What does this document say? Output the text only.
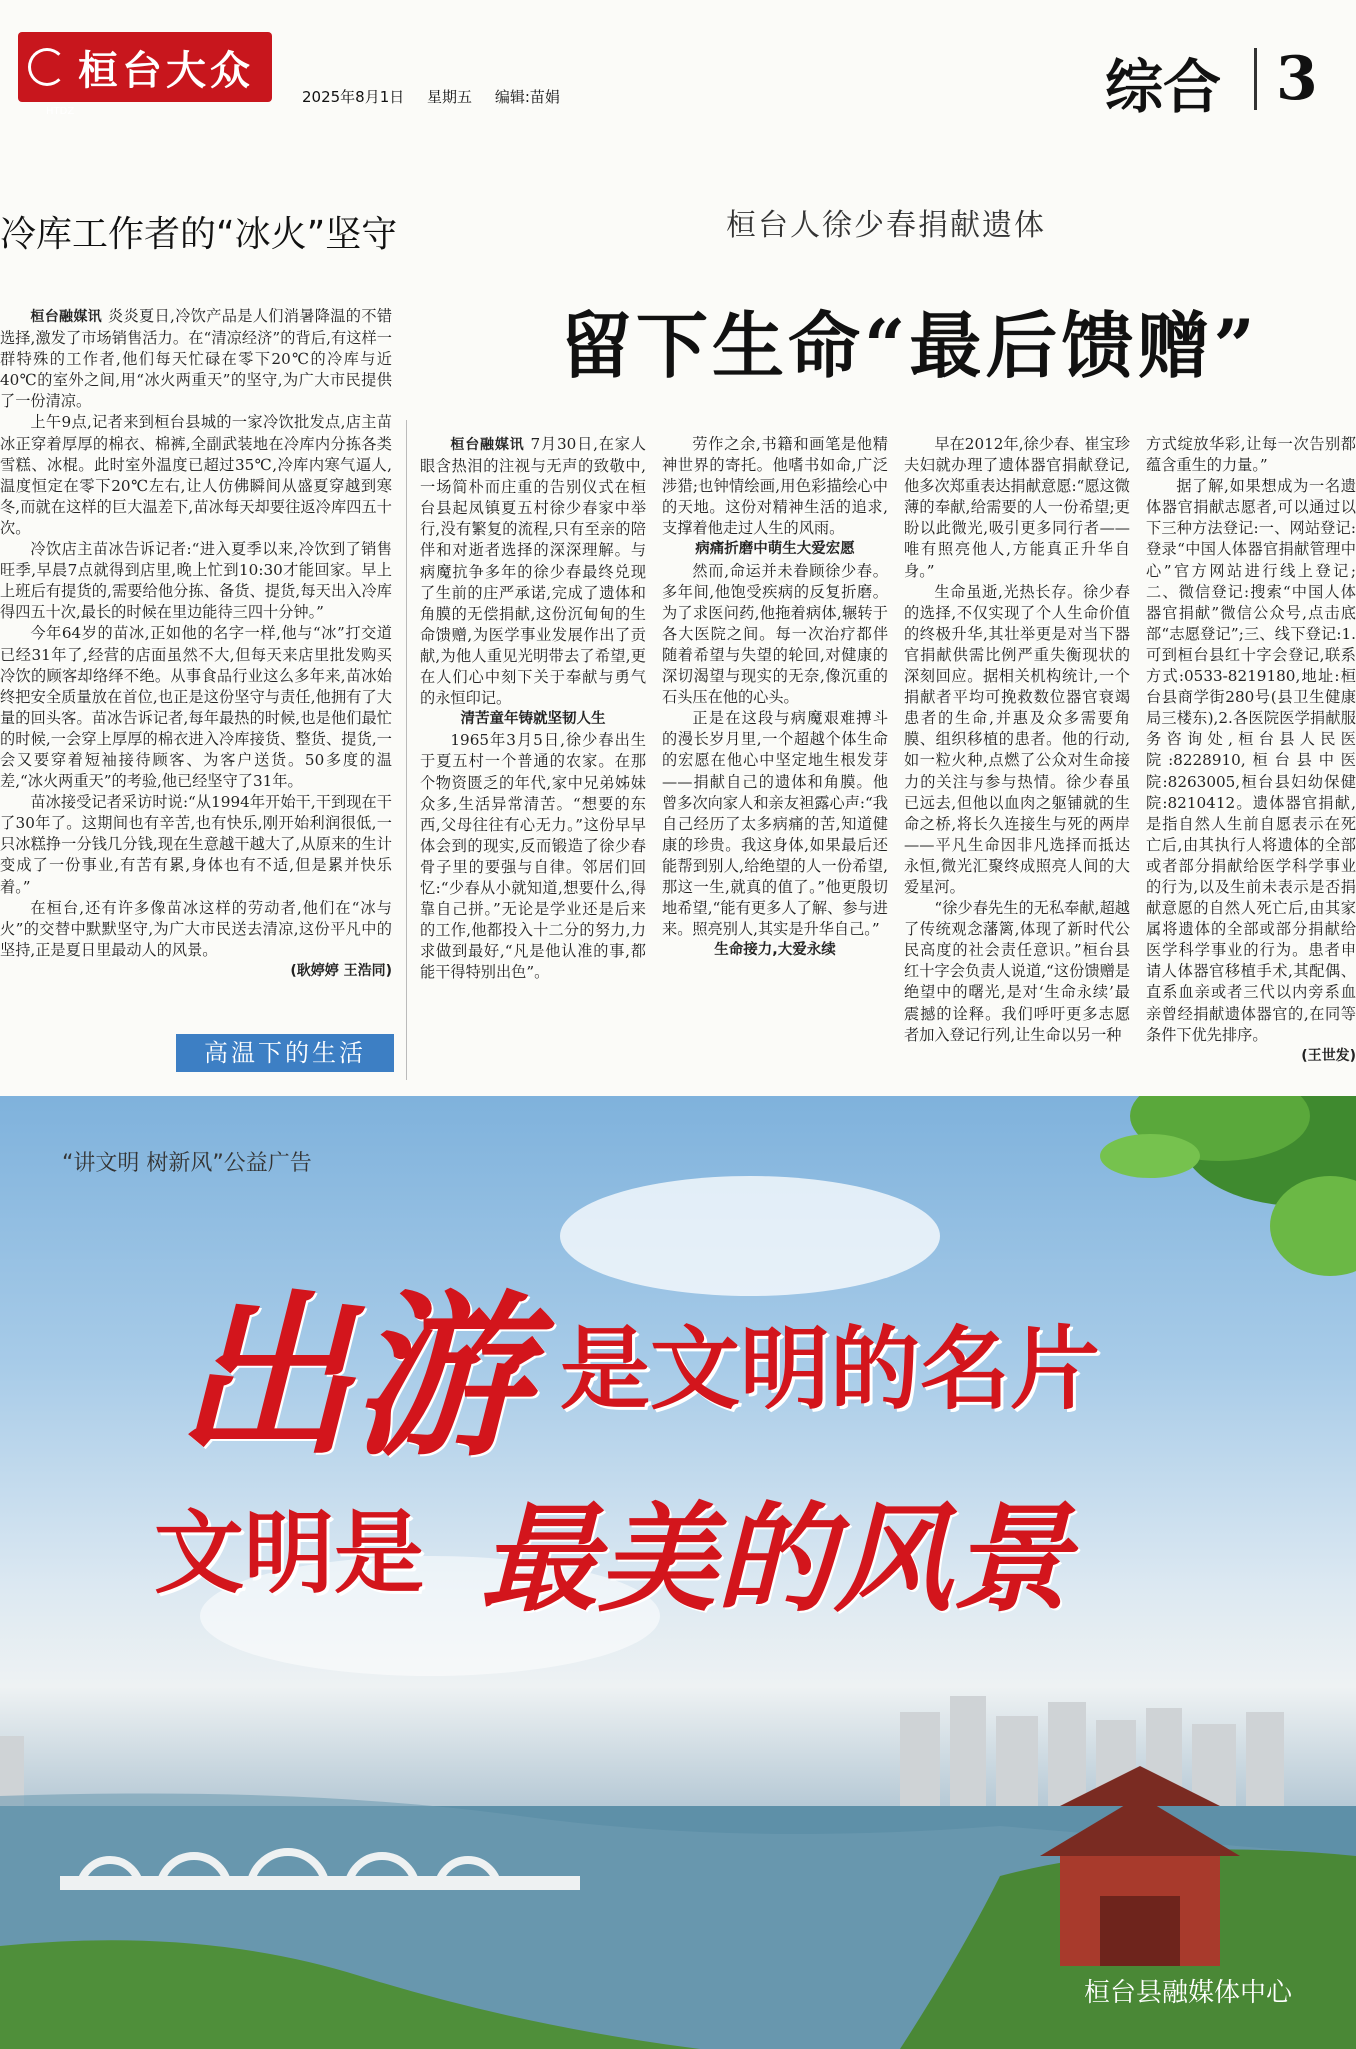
桓台大众
HTDZ
2025年8月1日 星期五 编辑:苗娟	综合 3
冷库工作者的“冰火”坚守	桓台人徐少春捐献遗体
留下生命“最后馈赠”

桓台融媒讯 炎炎夏日,冷饮产品是人们消暑降温的不错选择,激发了市场销售活力。在“清凉经济”的背后,有这样一群特殊的工作者,他们每天忙碌在零下20℃的冷库与近40℃的室外之间,用“冰火两重天”的坚守,为广大市民提供了一份清凉。

上午9点,记者来到桓台县城的一家冷饮批发点,店主苗冰正穿着厚厚的棉衣、棉裤,全副武装地在冷库内分拣各类雪糕、冰棍。此时室外温度已超过35℃,冷库内寒气逼人,温度恒定在零下20℃左右,让人仿佛瞬间从盛夏穿越到寒冬,而就在这样的巨大温差下,苗冰每天却要往返冷库四五十次。

冷饮店主苗冰告诉记者:“进入夏季以来,冷饮到了销售旺季,早晨7点就得到店里,晚上忙到10:30才能回家。早上上班后有提货的,需要给他分拣、备货、提货,每天出入冷库得四五十次,最长的时候在里边能待三四十分钟。”

今年64岁的苗冰,正如他的名字一样,他与“冰”打交道已经31年了,经营的店面虽然不大,但每天来店里批发购买冷饮的顾客却络绎不绝。从事食品行业这么多年来,苗冰始终把安全质量放在首位,也正是这份坚守与责任,他拥有了大量的回头客。苗冰告诉记者,每年最热的时候,也是他们最忙的时候,一会穿上厚厚的棉衣进入冷库接货、整货、提货,一会又要穿着短袖接待顾客、为客户送货。50多度的温差,“冰火两重天”的考验,他已经坚守了31年。

苗冰接受记者采访时说:“从1994年开始干,干到现在干了30年了。这期间也有辛苦,也有快乐,刚开始利润很低,一只冰糕挣一分钱几分钱,现在生意越干越大了,从原来的生计变成了一份事业,有苦有累,身体也有不适,但是累并快乐着。”

在桓台,还有许多像苗冰这样的劳动者,他们在“冰与火”的交替中默默坚守,为广大市民送去清凉,这份平凡中的坚持,正是夏日里最动人的风景。
(耿婷婷 王浩同)

高温下的生活

桓台融媒讯 7月30日,在家人眼含热泪的注视与无声的致敬中,一场简朴而庄重的告别仪式在桓台县起凤镇夏五村徐少春家中举行,没有繁复的流程,只有至亲的陪伴和对逝者选择的深深理解。与病魔抗争多年的徐少春最终兑现了生前的庄严承诺,完成了遗体和角膜的无偿捐献,这份沉甸甸的生命馈赠,为医学事业发展作出了贡献,为他人重见光明带去了希望,更在人们心中刻下关于奉献与勇气的永恒印记。

清苦童年铸就坚韧人生

1965年3月5日,徐少春出生于夏五村一个普通的农家。在那个物资匮乏的年代,家中兄弟姊妹众多,生活异常清苦。“想要的东西,父母往往有心无力。”这份早早体会到的现实,反而锻造了徐少春骨子里的要强与自律。邻居们回忆:“少春从小就知道,想要什么,得靠自己拼。”无论是学业还是后来的工作,他都投入十二分的努力,力求做到最好,“凡是他认准的事,都能干得特别出色”。

劳作之余,书籍和画笔是他精神世界的寄托。他嗜书如命,广泛涉猎;也钟情绘画,用色彩描绘心中的天地。这份对精神生活的追求,支撑着他走过人生的风雨。

病痛折磨中萌生大爱宏愿

然而,命运并未眷顾徐少春。多年间,他饱受疾病的反复折磨。为了求医问药,他拖着病体,辗转于各大医院之间。每一次治疗都伴随着希望与失望的轮回,对健康的深切渴望与现实的无奈,像沉重的石头压在他的心头。

正是在这段与病魔艰难搏斗的漫长岁月里,一个超越个体生命的宏愿在他心中坚定地生根发芽——捐献自己的遗体和角膜。他曾多次向家人和亲友袒露心声:“我自己经历了太多病痛的苦,知道健康的珍贵。我这身体,如果最后还能帮到别人,给绝望的人一份希望,那这一生,就真的值了。”他更殷切地希望,“能有更多人了解、参与进来。照亮别人,其实是升华自己。”

生命接力,大爱永续

早在2012年,徐少春、崔宝珍夫妇就办理了遗体器官捐献登记,他多次郑重表达捐献意愿:“愿这微薄的奉献,给需要的人一份希望;更盼以此微光,吸引更多同行者——唯有照亮他人,方能真正升华自身。”

生命虽逝,光热长存。徐少春的选择,不仅实现了个人生命价值的终极升华,其壮举更是对当下器官捐献供需比例严重失衡现状的深刻回应。据相关机构统计,一个捐献者平均可挽救数位器官衰竭患者的生命,并惠及众多需要角膜、组织移植的患者。他的行动,如一粒火种,点燃了公众对生命接力的关注与参与热情。徐少春虽已远去,但他以血肉之躯铺就的生命之桥,将长久连接生与死的两岸——平凡生命因非凡选择而抵达永恒,微光汇聚终成照亮人间的大爱星河。

“徐少春先生的无私奉献,超越了传统观念藩篱,体现了新时代公民高度的社会责任意识。”桓台县红十字会负责人说道,“这份馈赠是绝望中的曙光,是对‘生命永续’最震撼的诠释。我们呼吁更多志愿者加入登记行列,让生命以另一种

方式绽放华彩,让每一次告别都蕴含重生的力量。”

据了解,如果想成为一名遗体器官捐献志愿者,可以通过以下三种方法登记:一、网站登记:登录“中国人体器官捐献管理中心”官方网站进行线上登记;二、微信登记:搜索“中国人体器官捐献”微信公众号,点击底部“志愿登记”;三、线下登记:1.可到桓台县红十字会登记,联系方式:0533-8219180,地址:桓台县商学街280号(县卫生健康局三楼东),2.各医院医学捐献服务咨询处,桓台县人民医院:8228910,桓台县中医院:8263005,桓台县妇幼保健院:8210412。遗体器官捐献,是指自然人生前自愿表示在死亡后,由其执行人将遗体的全部或者部分捐献给医学科学事业的行为,以及生前未表示是否捐献意愿的自然人死亡后,由其家属将遗体的全部或部分捐献给医学科学事业的行为。患者申请人体器官移植手术,其配偶、直系血亲或者三代以内旁系血亲曾经捐献遗体器官的,在同等条件下优先排序。

(王世发)
“讲文明 树新风”公益广告
出游 是文明的名片
文明是 最美的风景
桓台县融媒体中心
